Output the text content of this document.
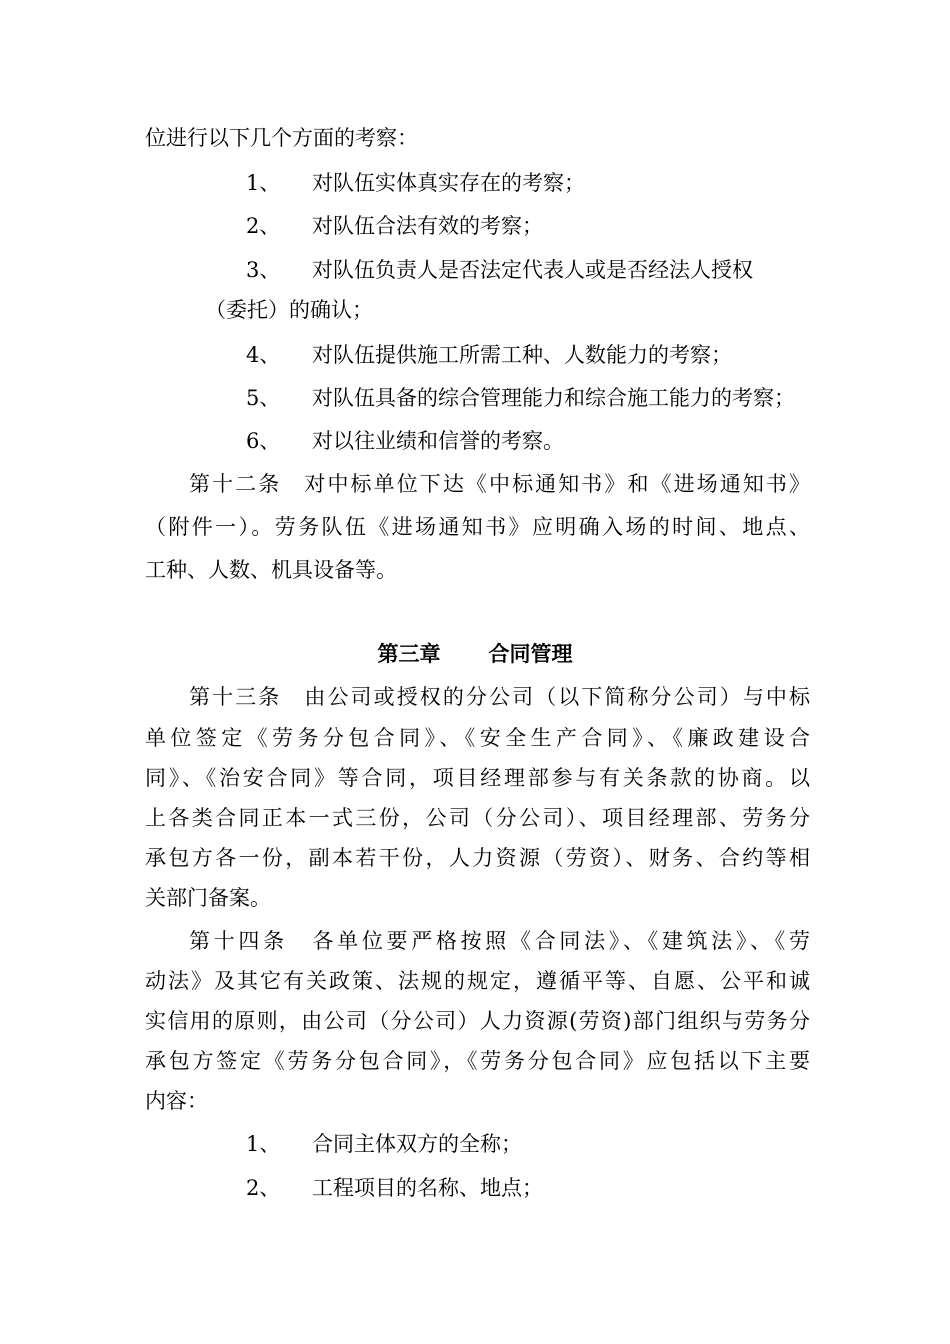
位进行以下几个方面的考察：
1、 对队伍实体真实存在的考察；
2、 对队伍合法有效的考察；
3、 对队伍负责人是否法定代表人或是否经法人授权
（委托）的确认；
4、 对队伍提供施工所需工种、人数能力的考察；
5、 对队伍具备的综合管理能力和综合施工能力的考察；
6、 对以往业绩和信誉的考察。
第十二条　对中标单位下达《中标通知书》和《进场通知书》
（附件一）。劳务队伍《进场通知书》应明确入场的时间、地点、
工种、人数、机具设备等。
第三章 合同管理
第十三条　由公司或授权的分公司（以下简称分公司）与中标
单位签定《劳务分包合同》、《安全生产合同》、《廉政建设合
同》、《治安合同》等合同，项目经理部参与有关条款的协商。以
上各类合同正本一式三份，公司（分公司）、项目经理部、劳务分
承包方各一份，副本若干份，人力资源（劳资）、财务、合约等相
关部门备案。
第十四条　各单位要严格按照《合同法》、《建筑法》、《劳
动法》及其它有关政策、法规的规定，遵循平等、自愿、公平和诚
实信用的原则，由公司（分公司）人力资源(劳资)部门组织与劳务分
承包方签定《劳务分包合同》，《劳务分包合同》应包括以下主要
内容：
1、 合同主体双方的全称；
2、 工程项目的名称、地点；
